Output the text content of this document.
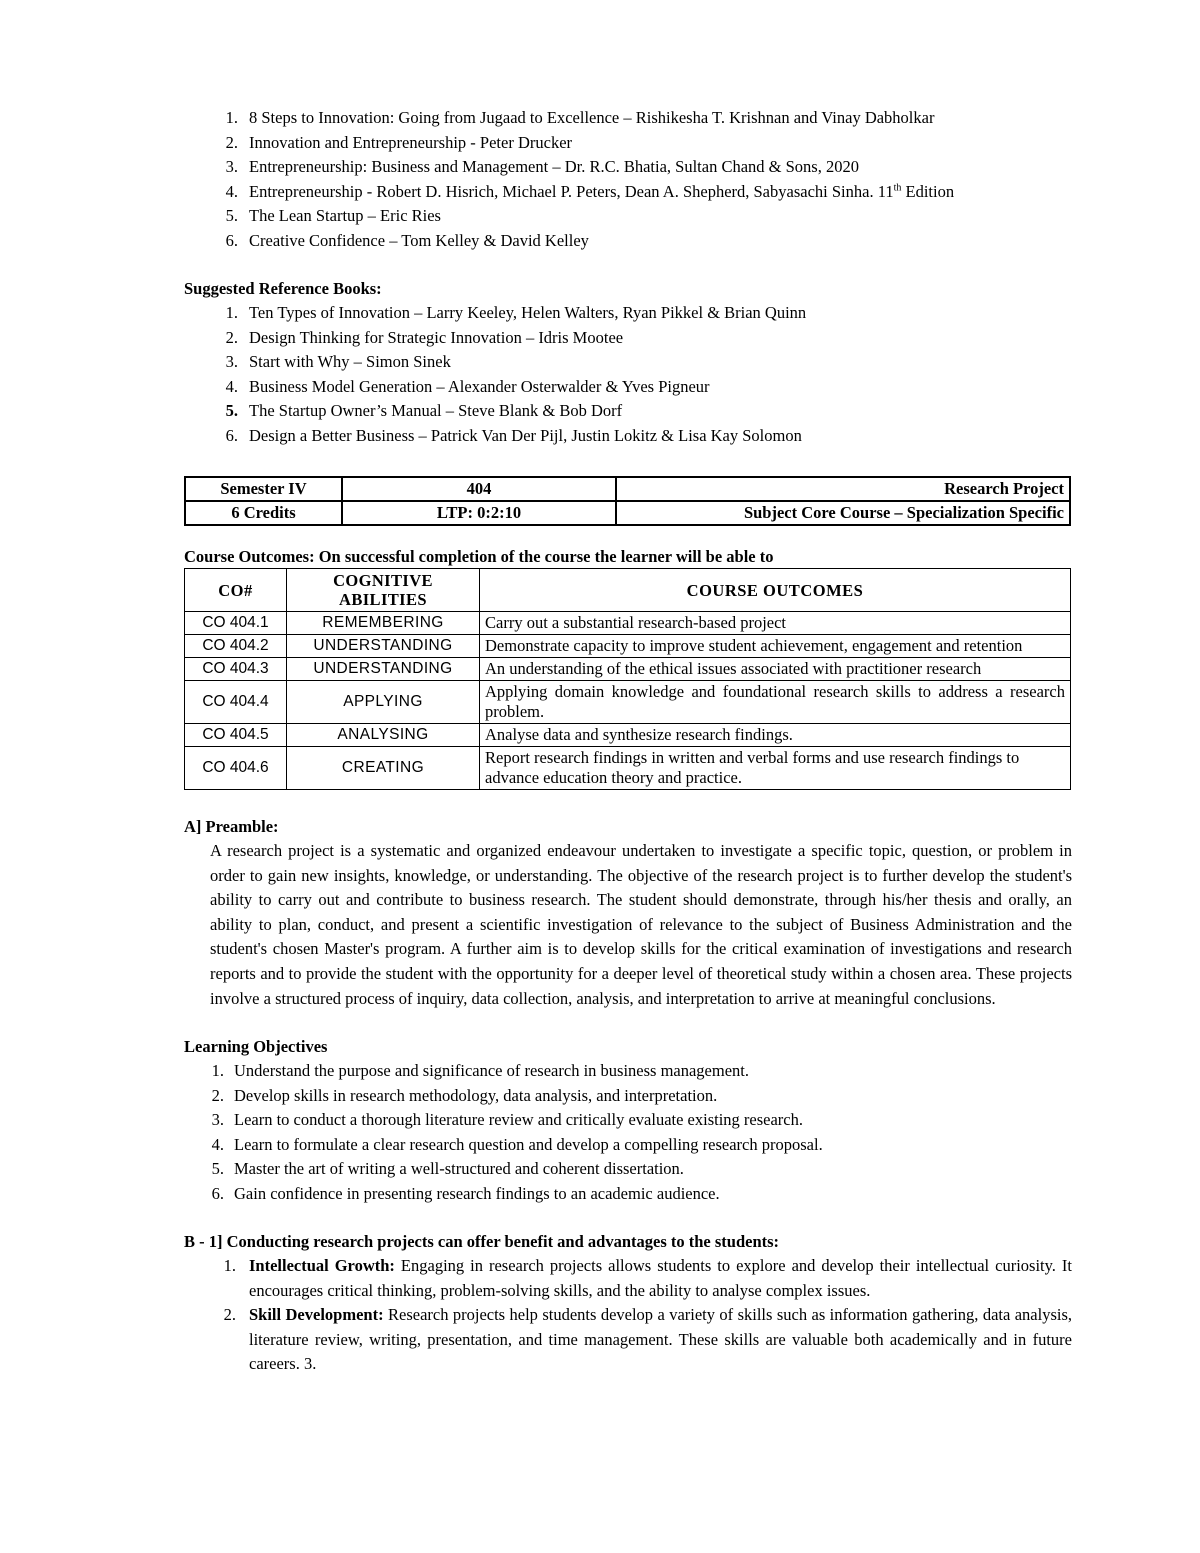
1. 8 Steps to Innovation: Going from Jugaad to Excellence – Rishikesha T. Krishnan and Vinay Dabholkar
2. Innovation and Entrepreneurship - Peter Drucker
3. Entrepreneurship: Business and Management – Dr. R.C. Bhatia, Sultan Chand & Sons, 2020
4. Entrepreneurship - Robert D. Hisrich, Michael P. Peters, Dean A. Shepherd, Sabyasachi Sinha. 11th Edition
5. The Lean Startup – Eric Ries
6. Creative Confidence – Tom Kelley & David Kelley
Suggested Reference Books:
1. Ten Types of Innovation – Larry Keeley, Helen Walters, Ryan Pikkel & Brian Quinn
2. Design Thinking for Strategic Innovation – Idris Mootee
3. Start with Why – Simon Sinek
4. Business Model Generation – Alexander Osterwalder & Yves Pigneur
5. The Startup Owner’s Manual – Steve Blank & Bob Dorf
6. Design a Better Business – Patrick Van Der Pijl, Justin Lokitz & Lisa Kay Solomon
Semester IV	404	Research Project
6 Credits	LTP: 0:2:10	Subject Core Course – Specialization Specific
Course Outcomes: On successful completion of the course the learner will be able to
CO#	COGNITIVE ABILITIES	COURSE OUTCOMES
CO 404.1	REMEMBERING	Carry out a substantial research-based project
CO 404.2	UNDERSTANDING	Demonstrate capacity to improve student achievement, engagement and retention
CO 404.3	UNDERSTANDING	An understanding of the ethical issues associated with practitioner research
CO 404.4	APPLYING	Applying domain knowledge and foundational research skills to address a research problem.
CO 404.5	ANALYSING	Analyse data and synthesize research findings.
CO 404.6	CREATING	Report research findings in written and verbal forms and use research findings to advance education theory and practice.
A] Preamble:
A research project is a systematic and organized endeavour undertaken to investigate a specific topic, question, or problem in order to gain new insights, knowledge, or understanding. The objective of the research project is to further develop the student's ability to carry out and contribute to business research. The student should demonstrate, through his/her thesis and orally, an ability to plan, conduct, and present a scientific investigation of relevance to the subject of Business Administration and the student's chosen Master's program. A further aim is to develop skills for the critical examination of investigations and research reports and to provide the student with the opportunity for a deeper level of theoretical study within a chosen area. These projects involve a structured process of inquiry, data collection, analysis, and interpretation to arrive at meaningful conclusions.
Learning Objectives
1. Understand the purpose and significance of research in business management.
2. Develop skills in research methodology, data analysis, and interpretation.
3. Learn to conduct a thorough literature review and critically evaluate existing research.
4. Learn to formulate a clear research question and develop a compelling research proposal.
5. Master the art of writing a well-structured and coherent dissertation.
6. Gain confidence in presenting research findings to an academic audience.
B - 1] Conducting research projects can offer benefit and advantages to the students:
1. Intellectual Growth: Engaging in research projects allows students to explore and develop their intellectual curiosity. It encourages critical thinking, problem-solving skills, and the ability to analyse complex issues.
2. Skill Development: Research projects help students develop a variety of skills such as information gathering, data analysis, literature review, writing, presentation, and time management. These skills are valuable both academically and in future careers. 3.
